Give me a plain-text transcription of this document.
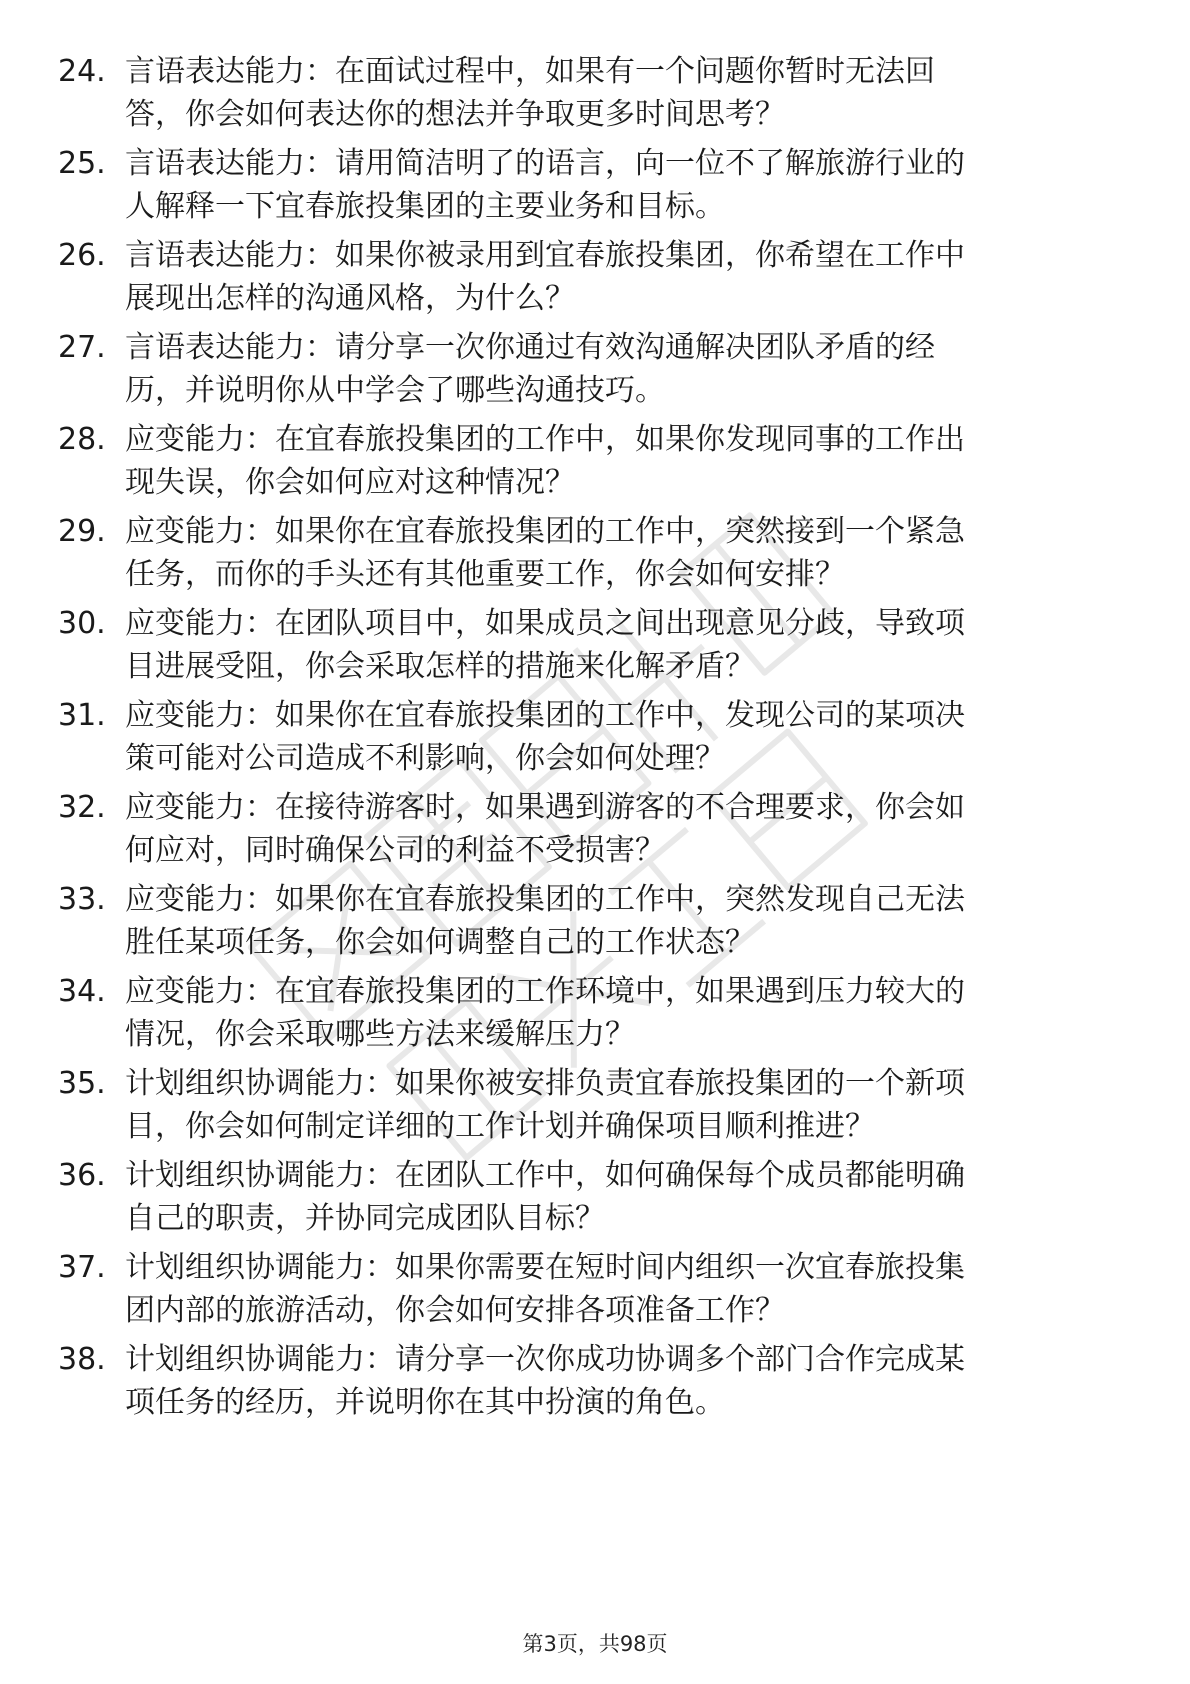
24. 言语表达能力：在面试过程中，如果有一个问题你暂时无法回
答，你会如何表达你的想法并争取更多时间思考？
25. 言语表达能力：请用简洁明了的语言，向一位不了解旅游行业的
人解释一下宜春旅投集团的主要业务和目标。
26. 言语表达能力：如果你被录用到宜春旅投集团，你希望在工作中
展现出怎样的沟通风格，为什么？
27. 言语表达能力：请分享一次你通过有效沟通解决团队矛盾的经
历，并说明你从中学会了哪些沟通技巧。
28. 应变能力：在宜春旅投集团的工作中，如果你发现同事的工作出
现失误，你会如何应对这种情况？
29. 应变能力：如果你在宜春旅投集团的工作中，突然接到一个紧急
任务，而你的手头还有其他重要工作，你会如何安排？
30. 应变能力：在团队项目中，如果成员之间出现意见分歧，导致项
目进展受阻，你会采取怎样的措施来化解矛盾？
31. 应变能力：如果你在宜春旅投集团的工作中，发现公司的某项决
策可能对公司造成不利影响，你会如何处理？
32. 应变能力：在接待游客时，如果遇到游客的不合理要求，你会如
何应对，同时确保公司的利益不受损害？
33. 应变能力：如果你在宜春旅投集团的工作中，突然发现自己无法
胜任某项任务，你会如何调整自己的工作状态？
34. 应变能力：在宜春旅投集团的工作环境中，如果遇到压力较大的
情况，你会采取哪些方法来缓解压力？
35. 计划组织协调能力：如果你被安排负责宜春旅投集团的一个新项
目，你会如何制定详细的工作计划并确保项目顺利推进？
36. 计划组织协调能力：在团队工作中，如何确保每个成员都能明确
自己的职责，并协同完成团队目标？
37. 计划组织协调能力：如果你需要在短时间内组织一次宜春旅投集
团内部的旅游活动，你会如何安排各项准备工作？
38. 计划组织协调能力：请分享一次你成功协调多个部门合作完成某
项任务的经历，并说明你在其中扮演的角色。
第3页，共98页
